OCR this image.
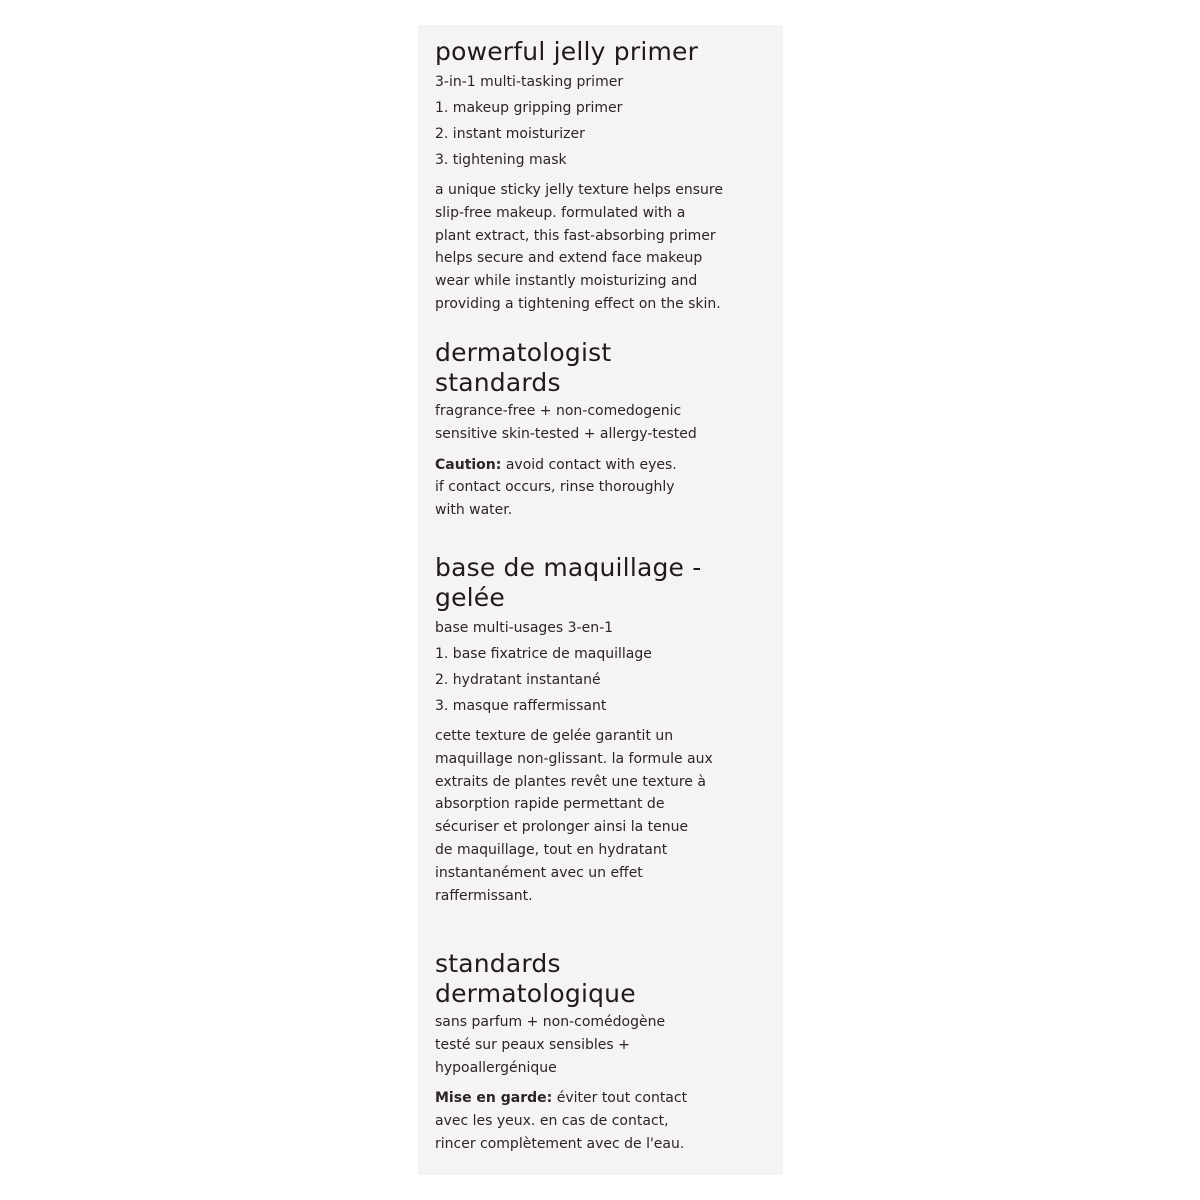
powerful jelly primer

3-in-1 multi-tasking primer

1. makeup gripping primer

2. instant moisturizer

3. tightening mask

a unique sticky jelly texture helps ensure

slip-free makeup. formulated with a

plant extract, this fast-absorbing primer

helps secure and extend face makeup

wear while instantly moisturizing and

providing a tightening effect on the skin.

dermatologist
standards

fragrance-free + non-comedogenic

sensitive skin-tested + allergy-tested

Caution: avoid contact with eyes.

if contact occurs, rinse thoroughly

with water.

base de maquillage -
gelée

base multi-usages 3-en-1

1. base fixatrice de maquillage

2. hydratant instantané

3. masque raffermissant

cette texture de gelée garantit un

maquillage non-glissant. la formule aux

extraits de plantes revêt une texture à

absorption rapide permettant de

sécuriser et prolonger ainsi la tenue

de maquillage, tout en hydratant

instantanément avec un effet

raffermissant.

standards
dermatologique

sans parfum + non-comédogène

testé sur peaux sensibles +

hypoallergénique

Mise en garde: éviter tout contact

avec les yeux. en cas de contact,

rincer complètement avec de l'eau.
